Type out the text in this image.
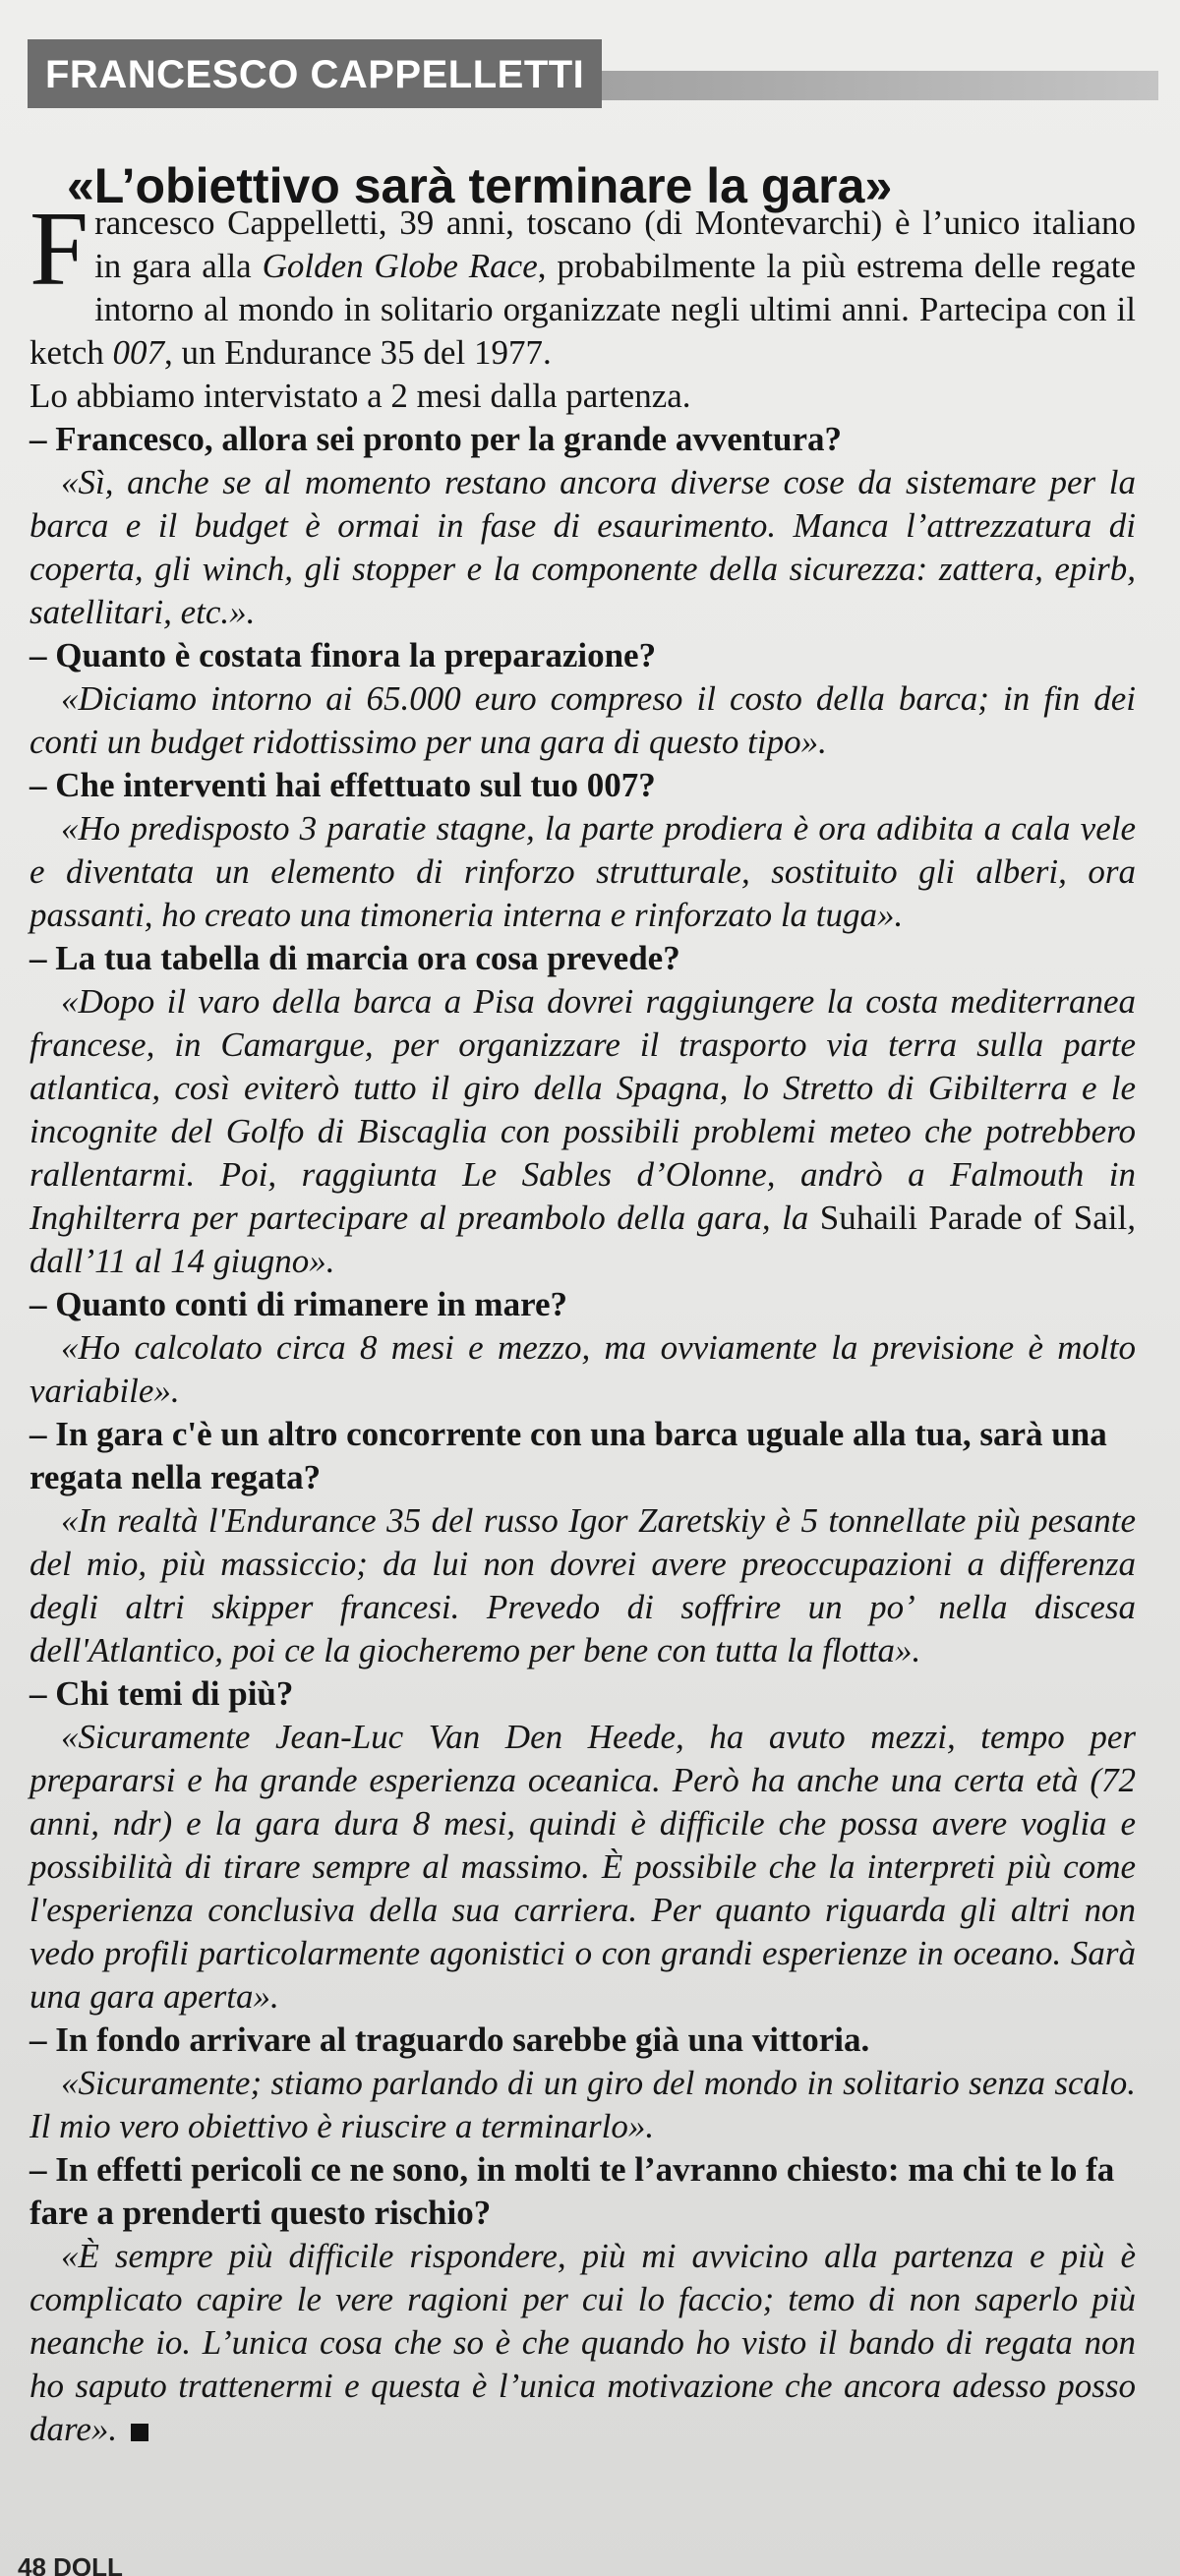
FRANCESCO CAPPELLETTI
«L’obiettivo sarà terminare la gara»

Francesco Cappelletti, 39 anni, toscano (di Montevarchi) è l’unico italiano in gara alla Golden Globe Race, probabilmente la più estrema delle regate intorno al mondo in solitario organizzate negli ultimi anni. Partecipa con il ketch 007, un Endurance 35 del 1977.

Lo abbiamo intervistato a 2 mesi dalla partenza.

– Francesco, allora sei pronto per la grande avventura?

«Sì, anche se al momento restano ancora diverse cose da sistemare per la barca e il budget è ormai in fase di esaurimento. Manca l’attrezzatura di coperta, gli winch, gli stopper e la componente della sicurezza: zattera, epirb, satellitari, etc.».

– Quanto è costata finora la preparazione?

«Diciamo intorno ai 65.000 euro compreso il costo della barca; in fin dei conti un budget ridottissimo per una gara di questo tipo».

– Che interventi hai effettuato sul tuo 007?

«Ho predisposto 3 paratie stagne, la parte prodiera è ora adibita a cala vele e diventata un elemento di rinforzo strutturale, sostituito gli alberi, ora passanti, ho creato una timoneria interna e rinforzato la tuga».

– La tua tabella di marcia ora cosa prevede?

«Dopo il varo della barca a Pisa dovrei raggiungere la costa mediterranea francese, in Camargue, per organizzare il trasporto via terra sulla parte atlantica, così eviterò tutto il giro della Spagna, lo Stretto di Gibilterra e le incognite del Golfo di Biscaglia con possibili problemi meteo che potrebbero rallentarmi. Poi, raggiunta Le Sables d’Olonne, andrò a Falmouth in Inghilterra per partecipare al preambolo della gara, la Suhaili Parade of Sail, dall’11 al 14 giugno».

– Quanto conti di rimanere in mare?

«Ho calcolato circa 8 mesi e mezzo, ma ovviamente la previsione è molto variabile».

– In gara c'è un altro concorrente con una barca uguale alla tua, sarà una regata nella regata?

«In realtà l'Endurance 35 del russo Igor Zaretskiy è 5 tonnellate più pesante del mio, più massiccio; da lui non dovrei avere preoccupazioni a differenza degli altri skipper francesi. Prevedo di soffrire un po’ nella discesa dell'Atlantico, poi ce la giocheremo per bene con tutta la flotta».

– Chi temi di più?

«Sicuramente Jean-Luc Van Den Heede, ha avuto mezzi, tempo per prepararsi e ha grande esperienza oceanica. Però ha anche una certa età (72 anni, ndr) e la gara dura 8 mesi, quindi è difficile che possa avere voglia e possibilità di tirare sempre al massimo. È possibile che la interpreti più come l'esperienza conclusiva della sua carriera. Per quanto riguarda gli altri non vedo profili particolarmente agonistici o con grandi esperienze in oceano. Sarà una gara aperta».

– In fondo arrivare al traguardo sarebbe già una vittoria.

«Sicuramente; stiamo parlando di un giro del mondo in solitario senza scalo. Il mio vero obiettivo è riuscire a terminarlo».

– In effetti pericoli ce ne sono, in molti te l’avranno chiesto: ma chi te lo fa fare a prenderti questo rischio?

«È sempre più difficile rispondere, più mi avvicino alla partenza e più è complicato capire le vere ragioni per cui lo faccio; temo di non saperlo più neanche io. L’unica cosa che so è che quando ho visto il bando di regata non ho saputo trattenermi e questa è l’unica motivazione che ancora adesso posso dare».

48 DOLL
